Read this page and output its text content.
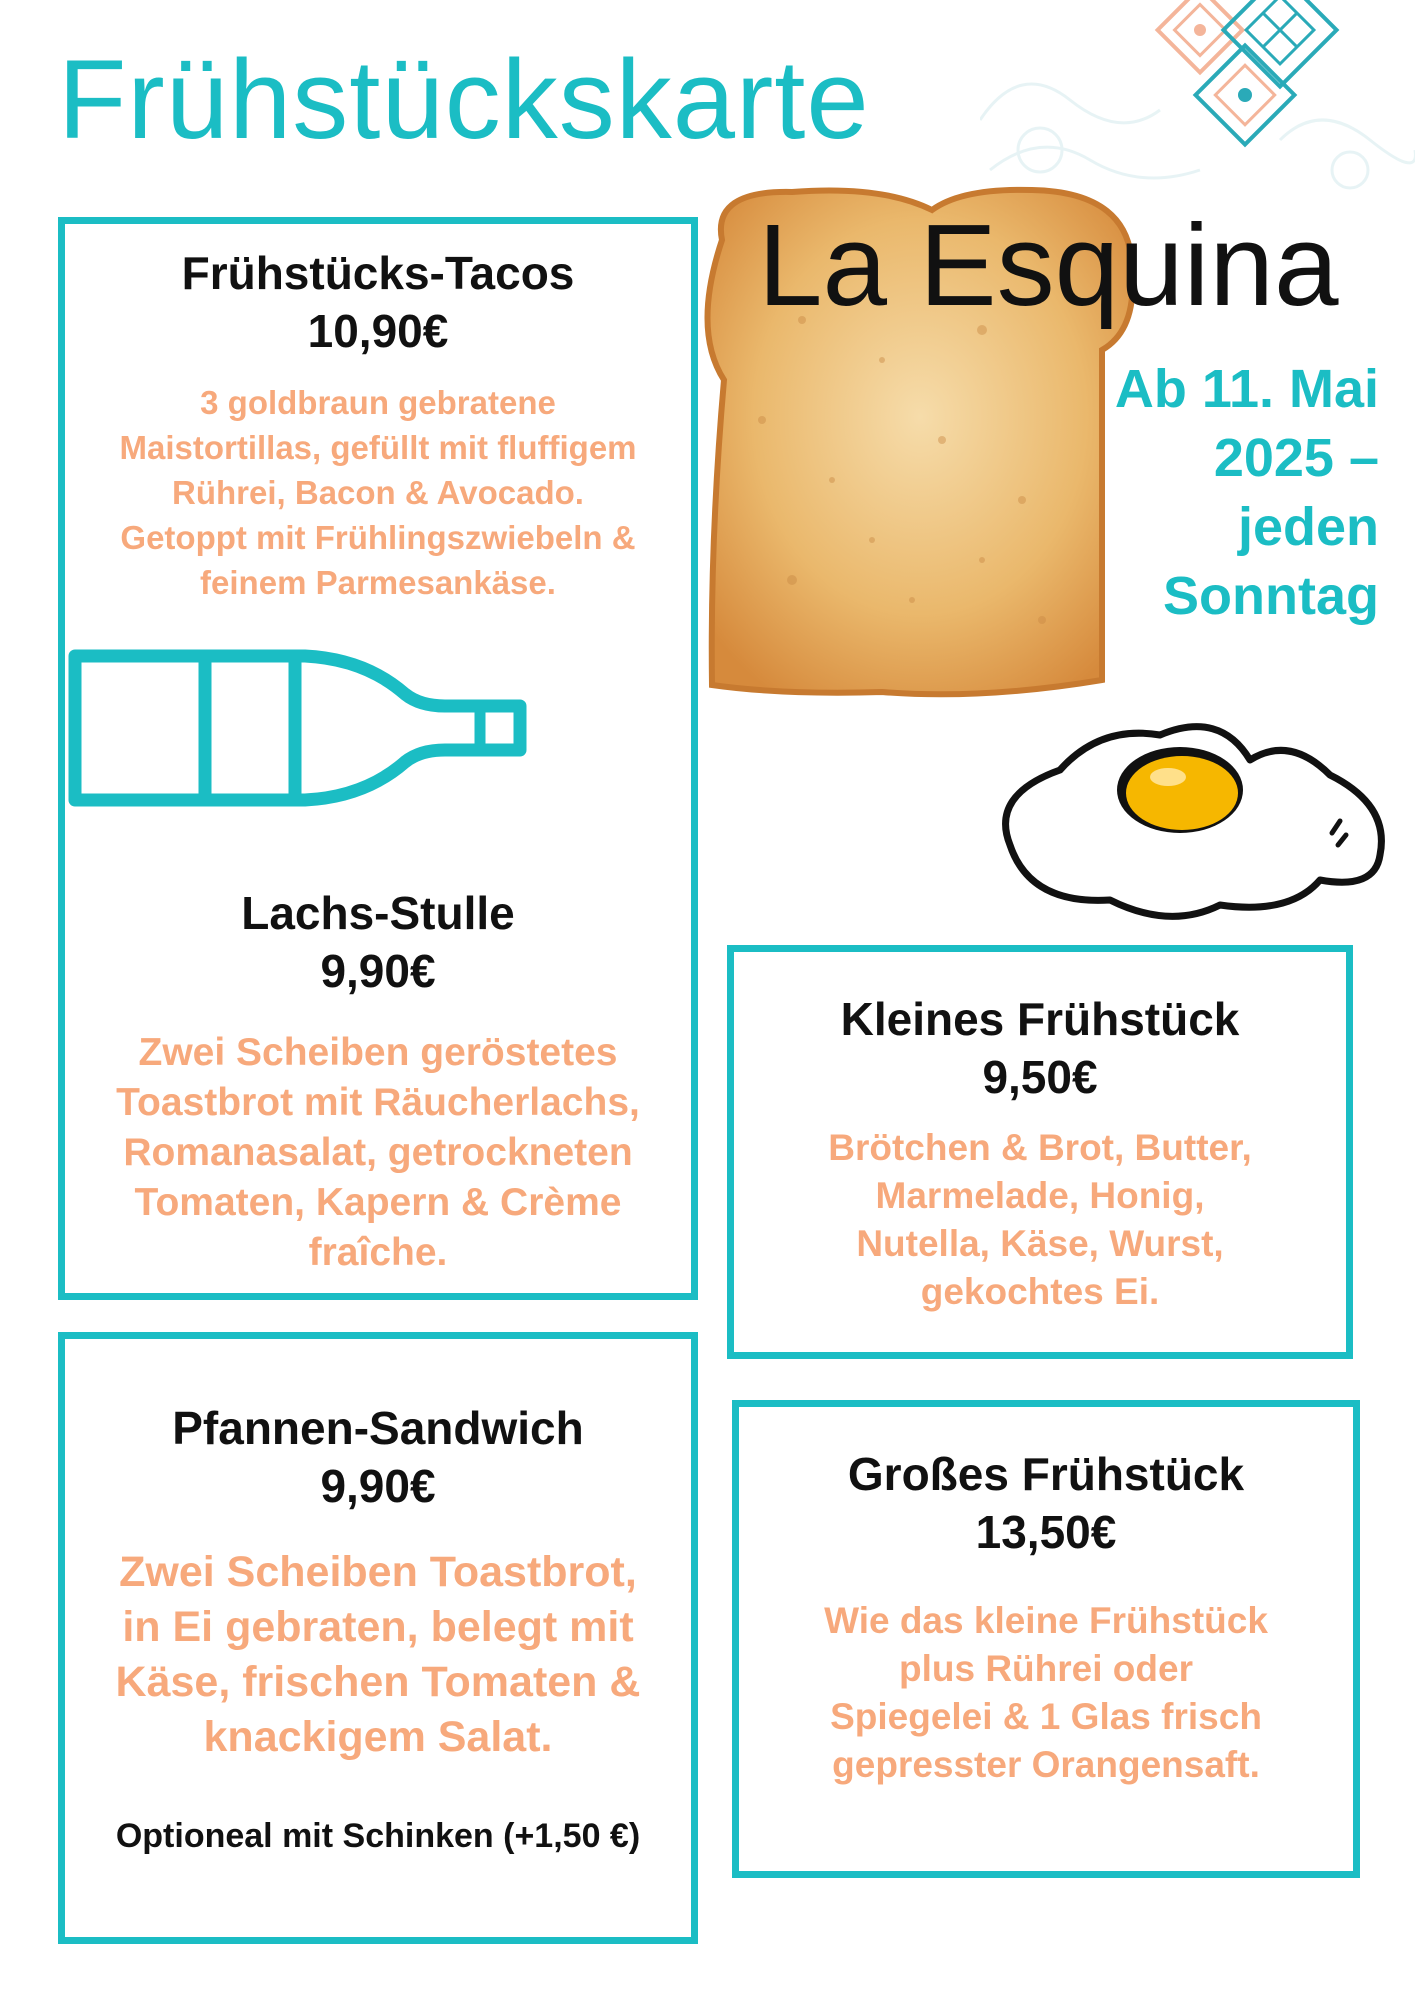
Frühstückskarte
La Esquina
Ab 11. Mai
2025 –
jeden
Sonntag
Frühstücks-Tacos
10,90€
3 goldbraun gebratene
Maistortillas, gefüllt mit fluffigem
Rührei, Bacon & Avocado.
Getoppt mit Frühlingszwiebeln &
feinem Parmesankäse.
Lachs-Stulle
9,90€
Zwei Scheiben geröstetes
Toastbrot mit Räucherlachs,
Romanasalat, getrockneten
Tomaten, Kapern & Crème
fraîche.
Kleines Frühstück
9,50€
Brötchen & Brot, Butter,
Marmelade, Honig,
Nutella, Käse, Wurst,
gekochtes Ei.
Pfannen-Sandwich
9,90€
Zwei Scheiben Toastbrot,
in Ei gebraten, belegt mit
Käse, frischen Tomaten &
knackigem Salat.
Optioneal mit Schinken (+1,50 €)
Großes Frühstück
13,50€
Wie das kleine Frühstück
plus Rührei oder
Spiegelei & 1 Glas frisch
gepresster Orangensaft.
